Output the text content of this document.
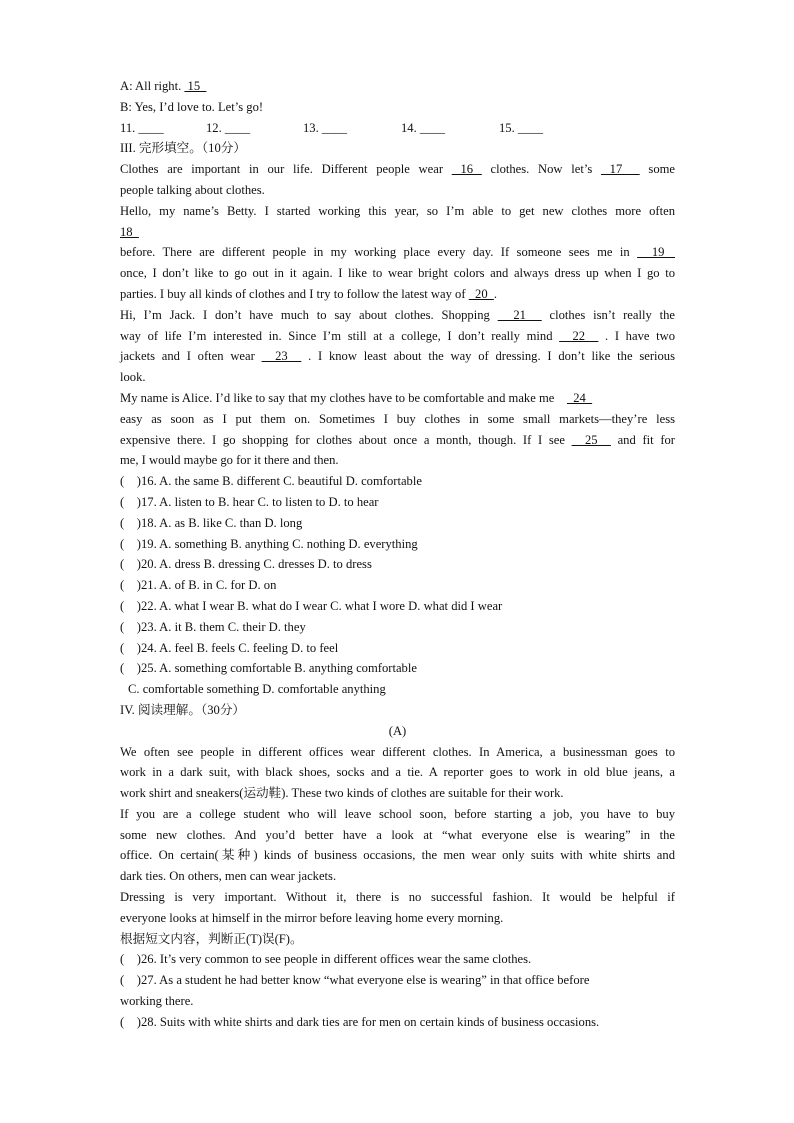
A: All right.  15
B: Yes, I’d love to. Let’s go!
11. ____	12. ____	13. ____	14. ____	15. ____
III. 完形填空。（10分）
Clothes are important in our life. Different people wear  16  clothes. Now let’s  17   some
people talking about clothes.
Hello, my name’s Betty. I started working this year, so I’m able to get new clothes more often
18
before. There are different people in my working place every day. If someone sees me in   19
once, I don’t like to go out in it again. I like to wear bright colors and always dress up when I go to
parties. I buy all kinds of clothes and I try to follow the latest way of   20  .
Hi, I’m Jack. I don’t have much to say about clothes. Shopping   21   clothes isn’t really the
way of life I’m interested in. Since I’m still at a college, I don’t really mind   22   . I have two
jackets and I often wear   23   . I know least about the way of dressing. I don’t like the serious
look.
My name is Alice. I’d like to say that my clothes have to be comfortable and make me      24
easy as soon as I put them on. Sometimes I buy clothes in some small markets—they’re less
expensive there. I go shopping for clothes about once a month, though. If I see   25   and fit for
me, I would maybe go for it there and then.
(    )16. A. the same B. different C. beautiful D. comfortable
(    )17. A. listen to B. hear C. to listen to D. to hear
(    )18. A. as B. like C. than D. long
(    )19. A. something B. anything C. nothing D. everything
(    )20. A. dress B. dressing C. dresses D. to dress
(    )21. A. of B. in C. for D. on
(    )22. A. what I wear B. what do I wear C. what I wore D. what did I wear
(    )23. A. it B. them C. their D. they
(    )24. A. feel B. feels C. feeling D. to feel
(    )25. A. something comfortable B. anything comfortable
C. comfortable something D. comfortable anything
IV. 阅读理解。（30分）
(A)
We often see people in different offices wear different clothes. In America, a businessman goes to
work in a dark suit, with black shoes, socks and a tie. A reporter goes to work in old blue jeans, a
work shirt and sneakers(运动鞋). These two kinds of clothes are suitable for their work.
If you are a college student who will leave school soon, before starting a job, you have to buy
some new clothes. And you’d better have a look at “what everyone else is wearing” in the
office. On certain(某种) kinds of business occasions, the men wear only suits with white shirts and
dark ties. On others, men can wear jackets.
Dressing is very important. Without it, there is no successful fashion. It would be helpful if
everyone looks at himself in the mirror before leaving home every morning.
根据短文内容，判断正(T)误(F)。
(    )26. It’s very common to see people in different offices wear the same clothes.
(    )27. As a student he had better know “what everyone else is wearing” in that office before
working there.
(    )28. Suits with white shirts and dark ties are for men on certain kinds of business occasions.
